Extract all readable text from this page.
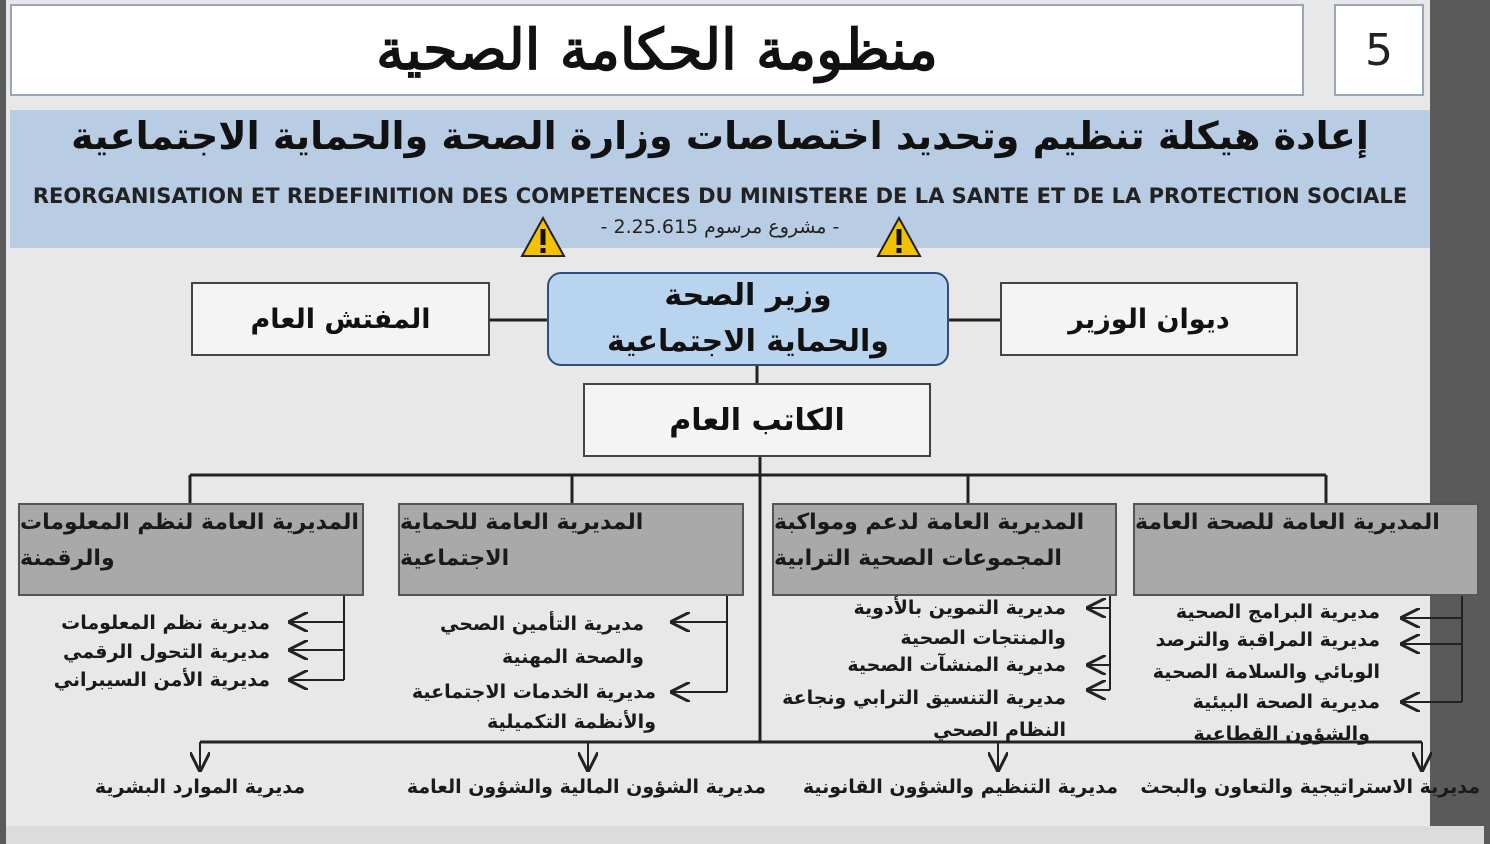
منظومة الحكامة الصحية	5
إعادة هيكلة تنظيم وتحديد اختصاصات وزارة الصحة والحماية الاجتماعية
REORGANISATION ET REDEFINITION DES COMPETENCES DU MINISTERE DE LA SANTE ET DE LA PROTECTION SOCIALE
- مشروع مرسوم 2.25.615 -
وزير الصحة
والحماية الاجتماعية
المفتش العام	ديوان الوزير
الكاتب العام
المديرية العامة للصحة العامة
المديرية العامة لدعم ومواكبة المجموعات الصحية الترابية
المديرية العامة للحماية الاجتماعية
المديرية العامة لنظم المعلومات والرقمنة
مديرية البرامج الصحية
مديرية المراقبة والترصد
الوبائي والسلامة الصحية
مديرية الصحة البيئية
والشؤون القطاعية
مديرية التموين بالأدوية
والمنتجات الصحية
مديرية المنشآت الصحية
مديرية التنسيق الترابي ونجاعة
النظام الصحي
مديرية التأمين الصحي
والصحة المهنية
مديرية الخدمات الاجتماعية
والأنظمة التكميلية
مديرية نظم المعلومات
مديرية التحول الرقمي
مديرية الأمن السيبراني
مديرية الاستراتيجية والتعاون والبحث
مديرية التنظيم والشؤون القانونية
مديرية الشؤون المالية والشؤون العامة
مديرية الموارد البشرية
